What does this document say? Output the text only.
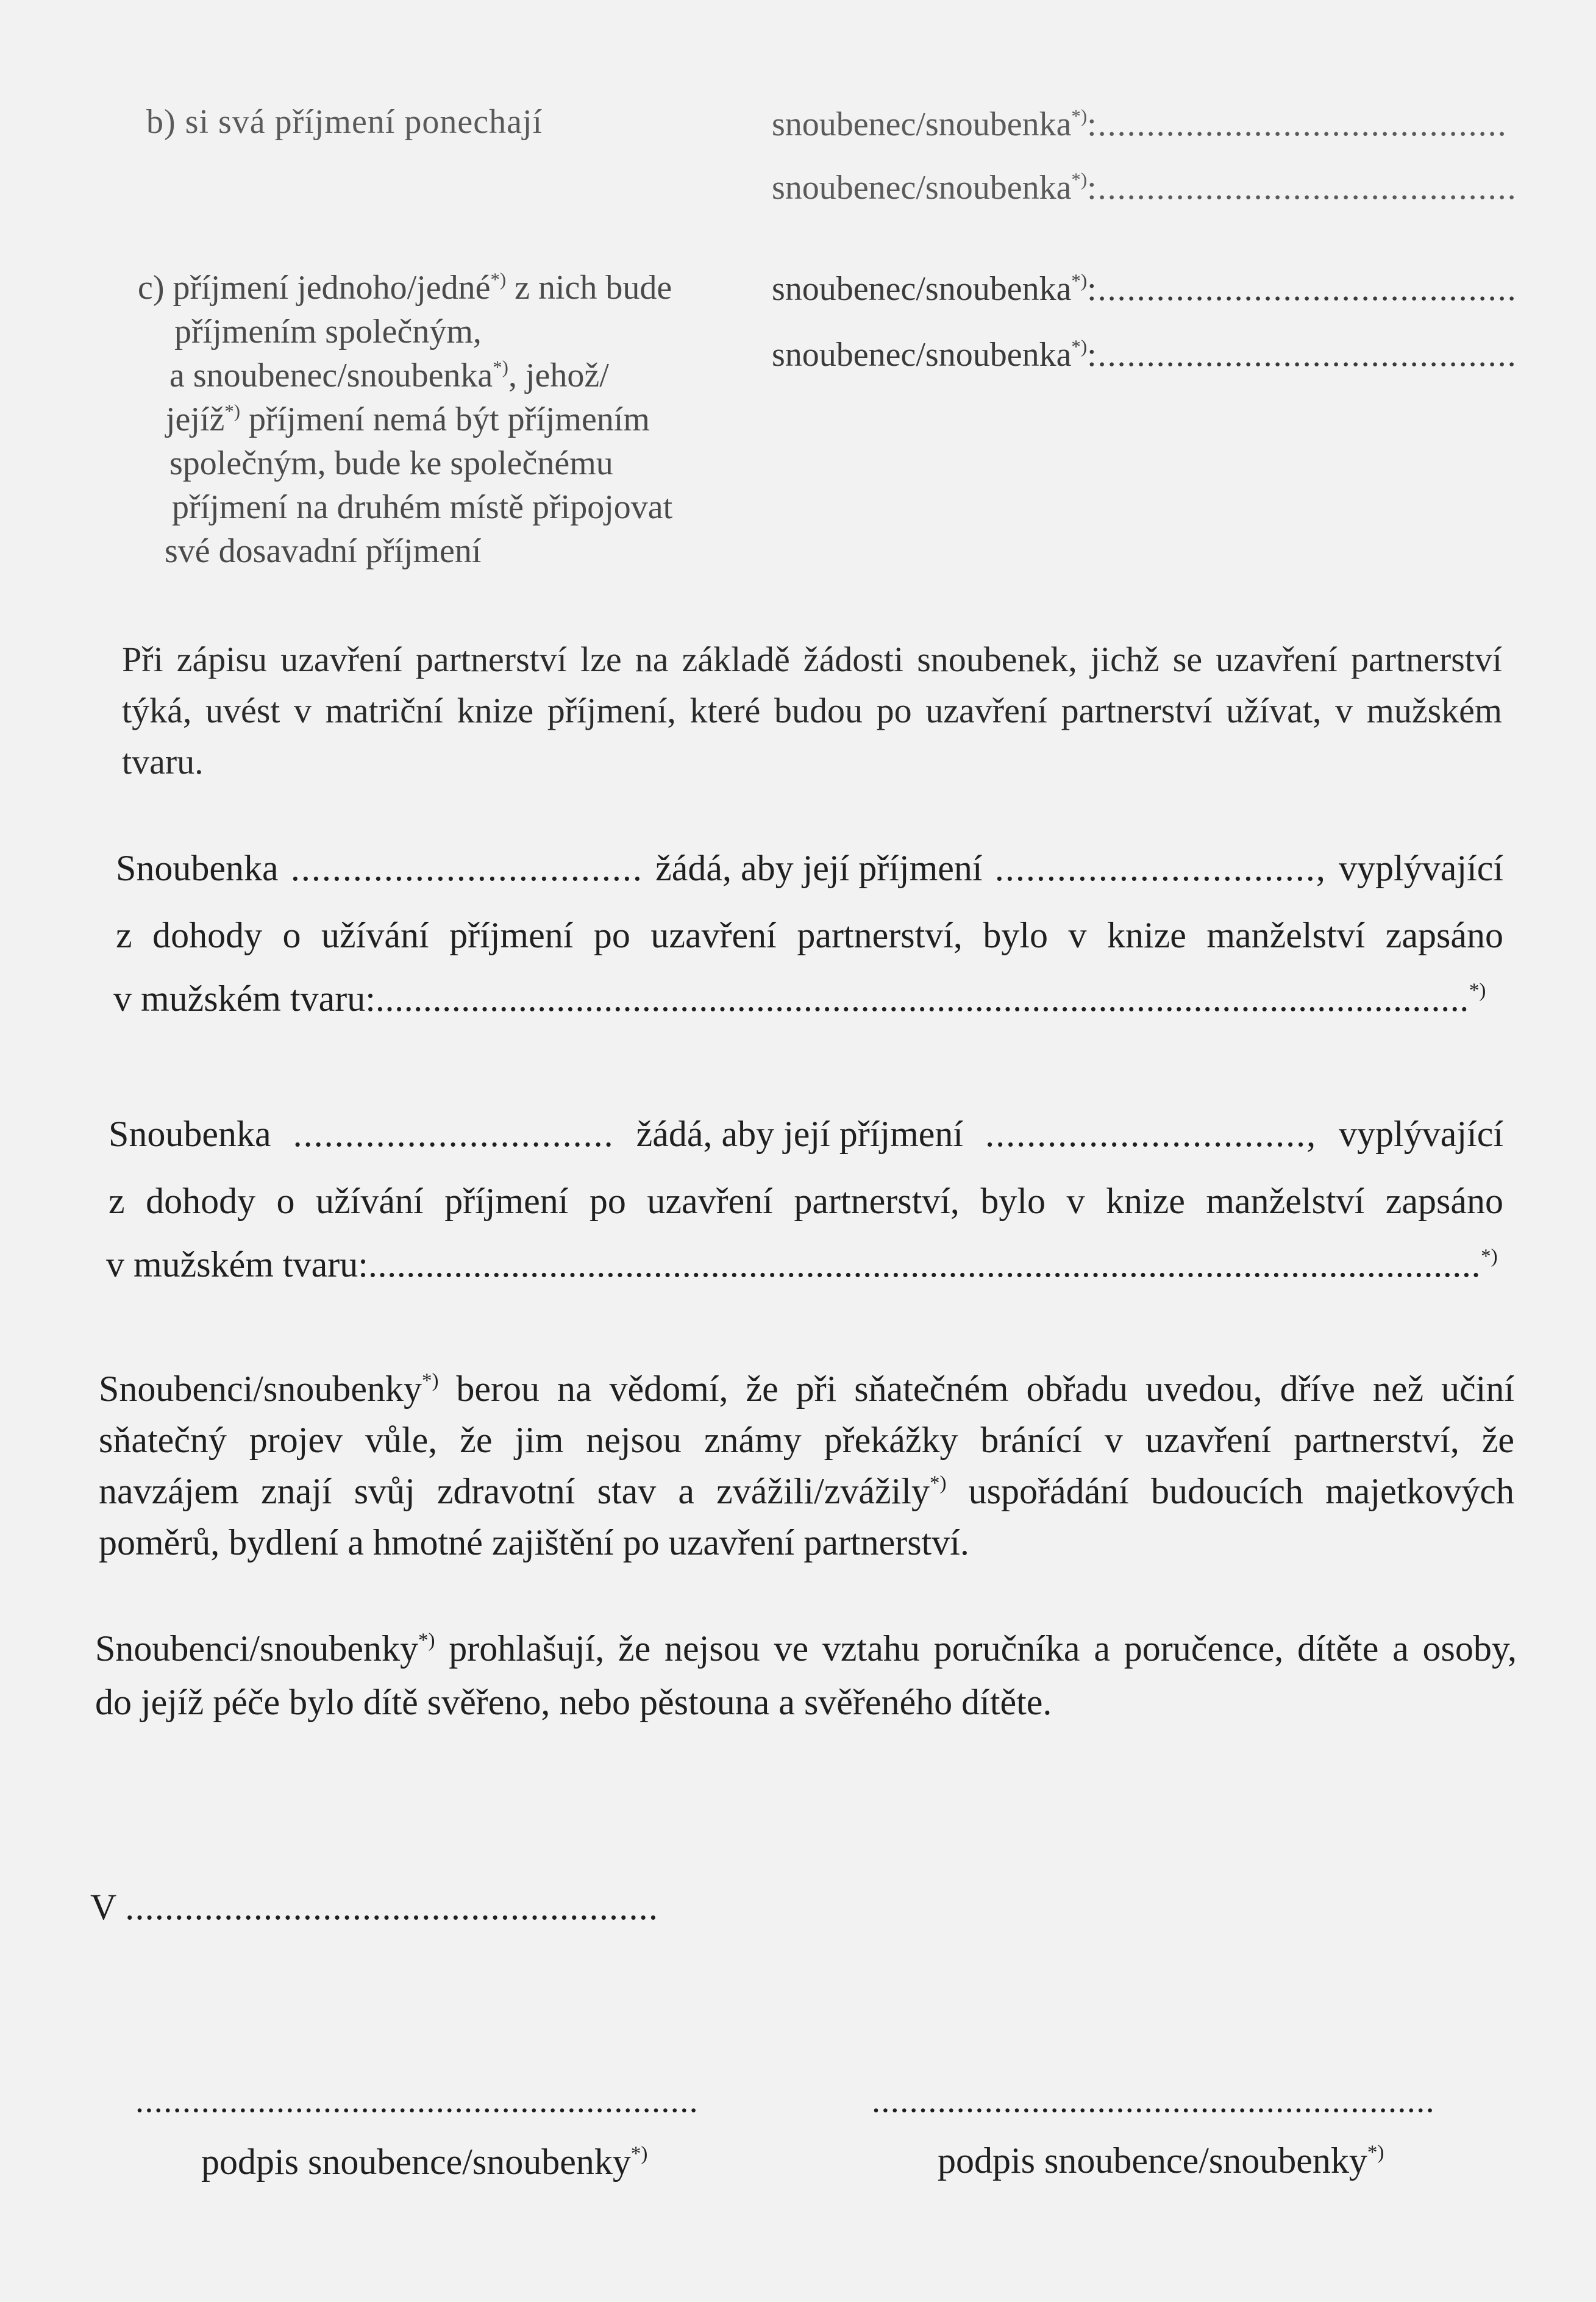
b) si svá příjmení ponechají	snoubenec/snoubenka*):..........................................
snoubenec/snoubenka*):...........................................
c) příjmení jednoho/jedné*) z nich bude
příjmením společným,
a snoubenec/snoubenka*), jehož/
jejíž*) příjmení nemá být příjmením
společným, bude ke společnému
příjmení na druhém místě připojovat
své dosavadní příjmení
snoubenec/snoubenka*):...........................................
snoubenec/snoubenka*):...........................................
Při zápisu uzavření partnerství lze na základě žádosti snoubenek, jichž se uzavření partnerství
týká, uvést v matriční knize příjmení, které budou po uzavření partnerství užívat, v mužském
tvaru.
Snoubenka .................................. žádá, aby její příjmení ..............................., vyplývající
z dohody o užívání příjmení po uzavření partnerství, bylo v knize manželství zapsáno
v mužském tvaru:...................................................................................................................*)
Snoubenka ............................... žádá, aby její příjmení ..............................., vyplývající
z dohody o užívání příjmení po uzavření partnerství, bylo v knize manželství zapsáno
v mužském tvaru:.....................................................................................................................*)
Snoubenci/snoubenky*) berou na vědomí, že při sňatečném obřadu uvedou, dříve než učiní
sňatečný projev vůle, že jim nejsou známy překážky bránící v uzavření partnerství, že
navzájem znají svůj zdravotní stav a zvážili/zvážily*) uspořádání budoucích majetkových
poměrů, bydlení a hmotné zajištění po uzavření partnerství.
Snoubenci/snoubenky*) prohlašují, že nejsou ve vztahu poručníka a poručence, dítěte a osoby,
do jejíž péče bylo dítě svěřeno, nebo pěstouna a svěřeného dítěte.
V ......................................................
............................................................	............................................................
podpis snoubence/snoubenky*)	podpis snoubence/snoubenky*)
